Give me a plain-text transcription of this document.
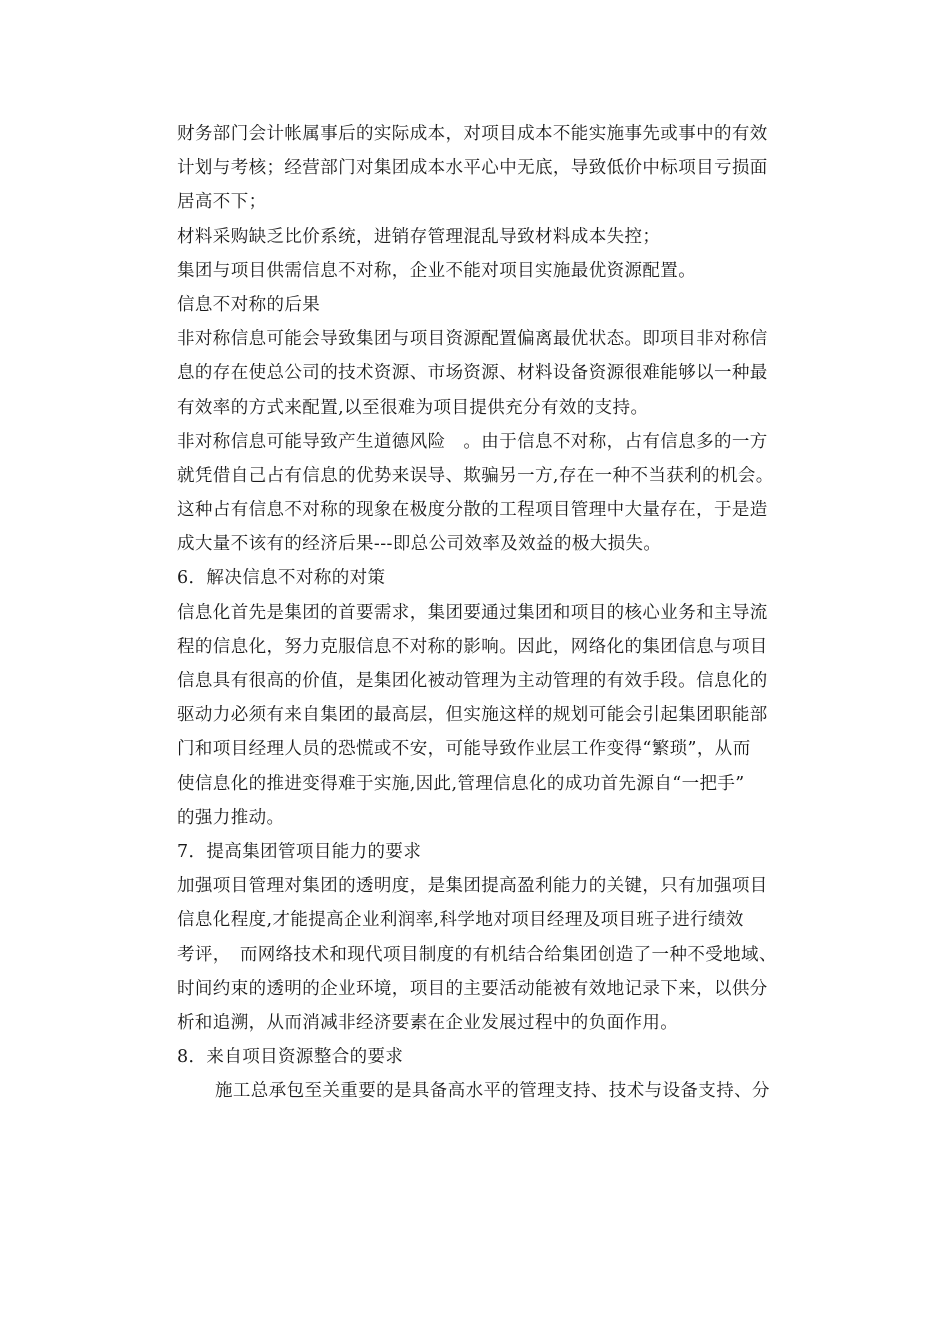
财务部门会计帐属事后的实际成本，对项目成本不能实施事先或事中的有效
计划与考核；经营部门对集团成本水平心中无底，导致低价中标项目亏损面
居高不下；
材料采购缺乏比价系统，进销存管理混乱导致材料成本失控；
集团与项目供需信息不对称，企业不能对项目实施最优资源配置。
信息不对称的后果
非对称信息可能会导致集团与项目资源配置偏离最优状态。即项目非对称信
息的存在使总公司的技术资源、市场资源、材料设备资源很难能够以一种最
有效率的方式来配置,以至很难为项目提供充分有效的支持。
非对称信息可能导致产生道德风险　。由于信息不对称，占有信息多的一方
就凭借自己占有信息的优势来误导、欺骗另一方,存在一种不当获利的机会。
这种占有信息不对称的现象在极度分散的工程项目管理中大量存在，于是造
成大量不该有的经济后果---即总公司效率及效益的极大损失。
6．解决信息不对称的对策
信息化首先是集团的首要需求，集团要通过集团和项目的核心业务和主导流
程的信息化，努力克服信息不对称的影响。因此，网络化的集团信息与项目
信息具有很高的价值，是集团化被动管理为主动管理的有效手段。信息化的
驱动力必须有来自集团的最高层，但实施这样的规划可能会引起集团职能部
门和项目经理人员的恐慌或不安，可能导致作业层工作变得“繁琐”，从而
使信息化的推进变得难于实施,因此,管理信息化的成功首先源自“一把手”
的强力推动。
7．提高集团管项目能力的要求
加强项目管理对集团的透明度，是集团提高盈利能力的关键，只有加强项目
信息化程度,才能提高企业利润率,科学地对项目经理及项目班子进行绩效
考评，　而网络技术和现代项目制度的有机结合给集团创造了一种不受地域、
时间约束的透明的企业环境，项目的主要活动能被有效地记录下来，以供分
析和追溯，从而消减非经济要素在企业发展过程中的负面作用。
8．来自项目资源整合的要求
施工总承包至关重要的是具备高水平的管理支持、技术与设备支持、分
